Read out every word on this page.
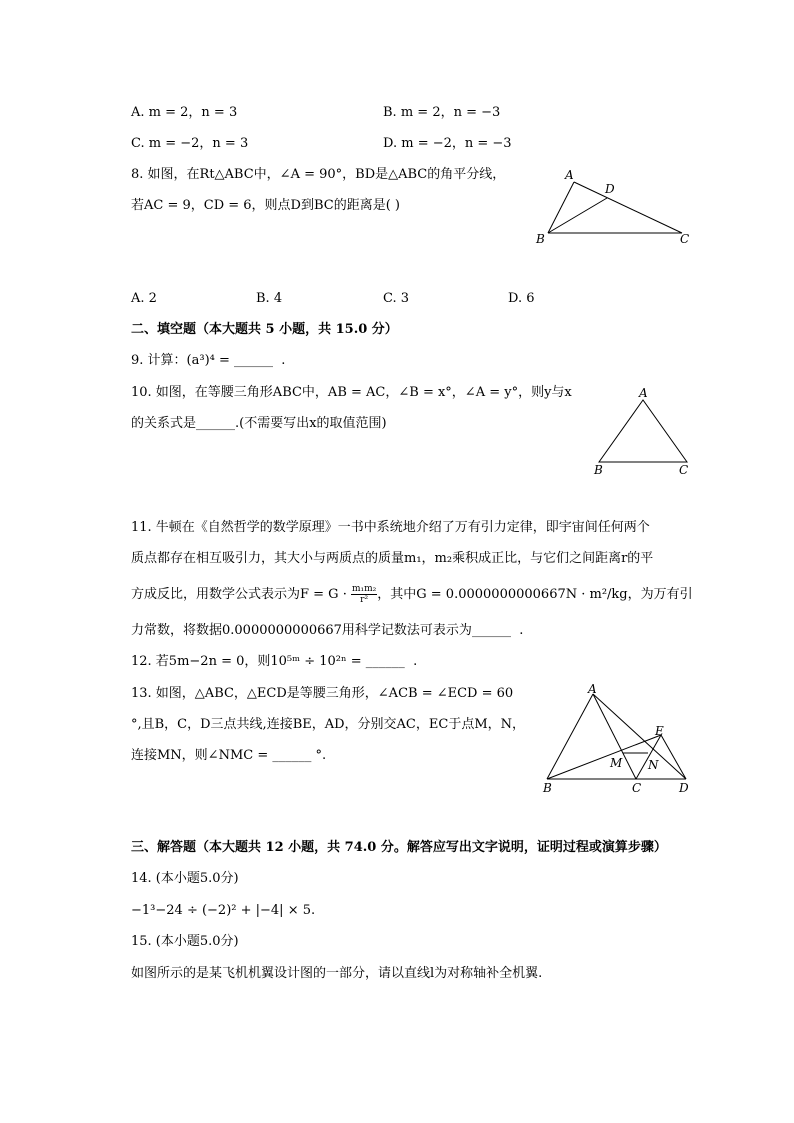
A. m = 2，n = 3	B. m = 2，n = −3
C. m = −2，n = 3	D. m = −2，n = −3
8. 如图，在Rt△ABC中，∠A = 90°，BD是△ABC的角平分线，
若AC = 9，CD = 6，则点D到BC的距离是( )
A
D
B	C
A. 2	B. 4	C. 3	D. 6
二、填空题（本大题共 5 小题，共 15.0 分）
9. 计算：(a³)⁴ = ______ .
10. 如图，在等腰三角形ABC中，AB = AC，∠B = x°，∠A = y°，则y与x
的关系式是______.(不需要写出x的取值范围)
A
B	C
11. 牛顿在《自然哲学的数学原理》一书中系统地介绍了万有引力定律，即宇宙间任何两个
质点都存在相互吸引力，其大小与两质点的质量m₁，m₂乘积成正比，与它们之间距离r的平
方成反比，用数学公式表示为$F = G \cdot \frac{\text{m₁m₂}}{\text{r²}}$ ，其中G = 0.0000000000667N · m²/kg，为万有引
力常数，将数据0.0000000000667用科学记数法可表示为______ .
12. 若5m−2n = 0，则10⁵ᵐ ÷ 10²ⁿ = ______ .
13. 如图，△ABC，△ECD是等腰三角形，∠ACB = ∠ECD = 60
°,且B，C，D三点共线,连接BE，AD，分别交AC，EC于点M，N，
连接MN，则∠NMC = ______ °.
A
E
M N
B	C	D
三、解答题（本大题共 12 小题，共 74.0 分。解答应写出文字说明，证明过程或演算步骤）
14. (本小题5.0分)
−1³−24 ÷ (−2)² + |−4| × 5.
15. (本小题5.0分)
如图所示的是某飞机机翼设计图的一部分，请以直线l为对称轴补全机翼.
